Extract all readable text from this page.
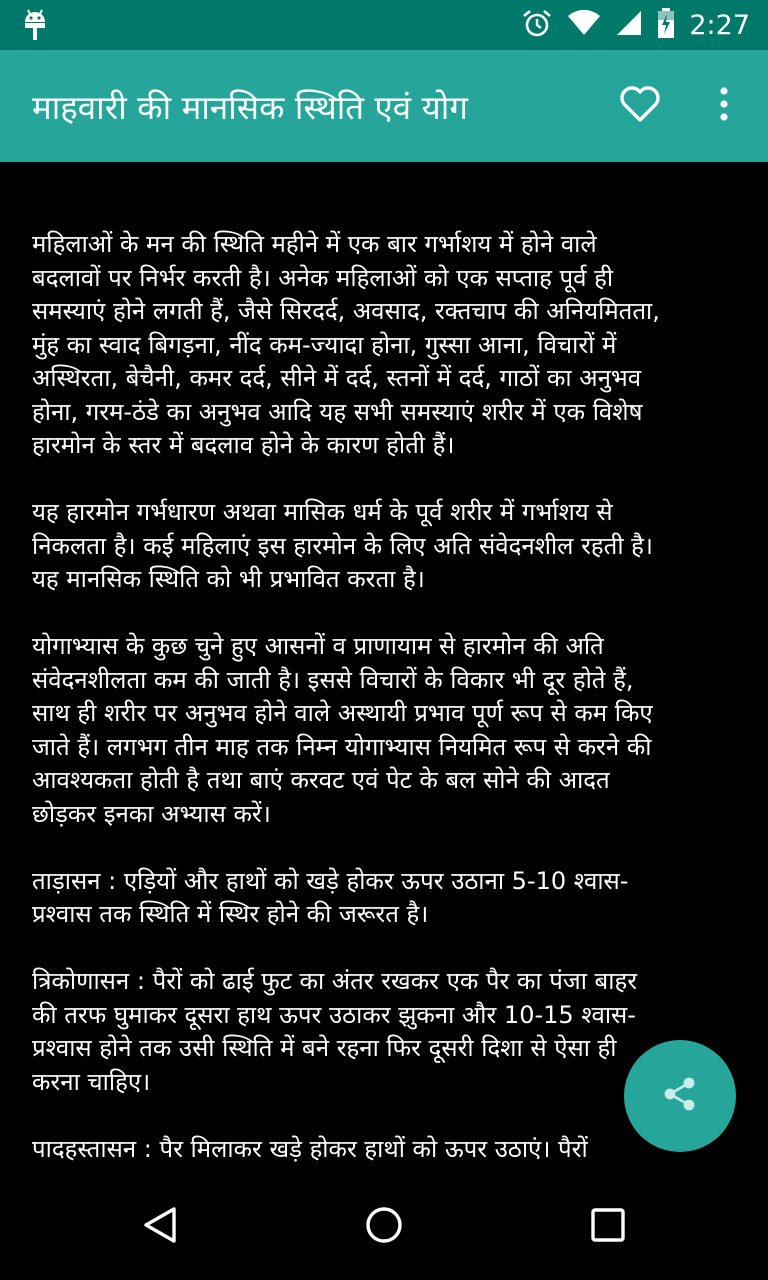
2:27
माहवारी की मानसिक स्थिति एवं योग

महिलाओं के मन की स्थिति महीने में एक बार गर्भाशय में होने वाले
बदलावों पर निर्भर करती है। अनेक महिलाओं को एक सप्ताह पूर्व ही
समस्याएं होने लगती हैं, जैसे सिरदर्द, अवसाद, रक्तचाप की अनियमितता,
मुंह का स्वाद बिगड़ना, नींद कम-ज्यादा होना, गुस्सा आना, विचारों में
अस्थिरता, बेचैनी, कमर दर्द, सीने में दर्द, स्तनों में दर्द, गाठों का अनुभव
होना, गरम-ठंडे का अनुभव आदि यह सभी समस्याएं शरीर में एक विशेष
हारमोन के स्तर में बदलाव होने के कारण होती हैं।

यह हारमोन गर्भधारण अथवा मासिक धर्म के पूर्व शरीर में गर्भाशय से
निकलता है। कई महिलाएं इस हारमोन के लिए अति संवेदनशील रहती है।
यह मानसिक स्थिति को भी प्रभावित करता है।

योगाभ्यास के कुछ चुने हुए आसनों व प्राणायाम से हारमोन की अति
संवेदनशीलता कम की जाती है। इससे विचारों के विकार भी दूर होते हैं,
साथ ही शरीर पर अनुभव होने वाले अस्थायी प्रभाव पूर्ण रूप से कम किए
जाते हैं। लगभग तीन माह तक निम्न योगाभ्यास नियमित रूप से करने की
आवश्यकता होती है तथा बाएं करवट एवं पेट के बल सोने की आदत
छोड़कर इनका अभ्यास करें।

ताड़ासन : एड़ियों और हाथों को खड़े होकर ऊपर उठाना 5-10 श्वास-
प्रश्वास तक स्थिति में स्थिर होने की जरूरत है।

त्रिकोणासन : पैरों को ढाई फुट का अंतर रखकर एक पैर का पंजा बाहर
की तरफ घुमाकर दूसरा हाथ ऊपर उठाकर झुकना और 10-15 श्वास-
प्रश्वास होने तक उसी स्थिति में बने रहना फिर दूसरी दिशा से ऐसा ही
करना चाहिए।

पादहस्तासन : पैर मिलाकर खड़े होकर हाथों को ऊपर उठाएं। पैरों
